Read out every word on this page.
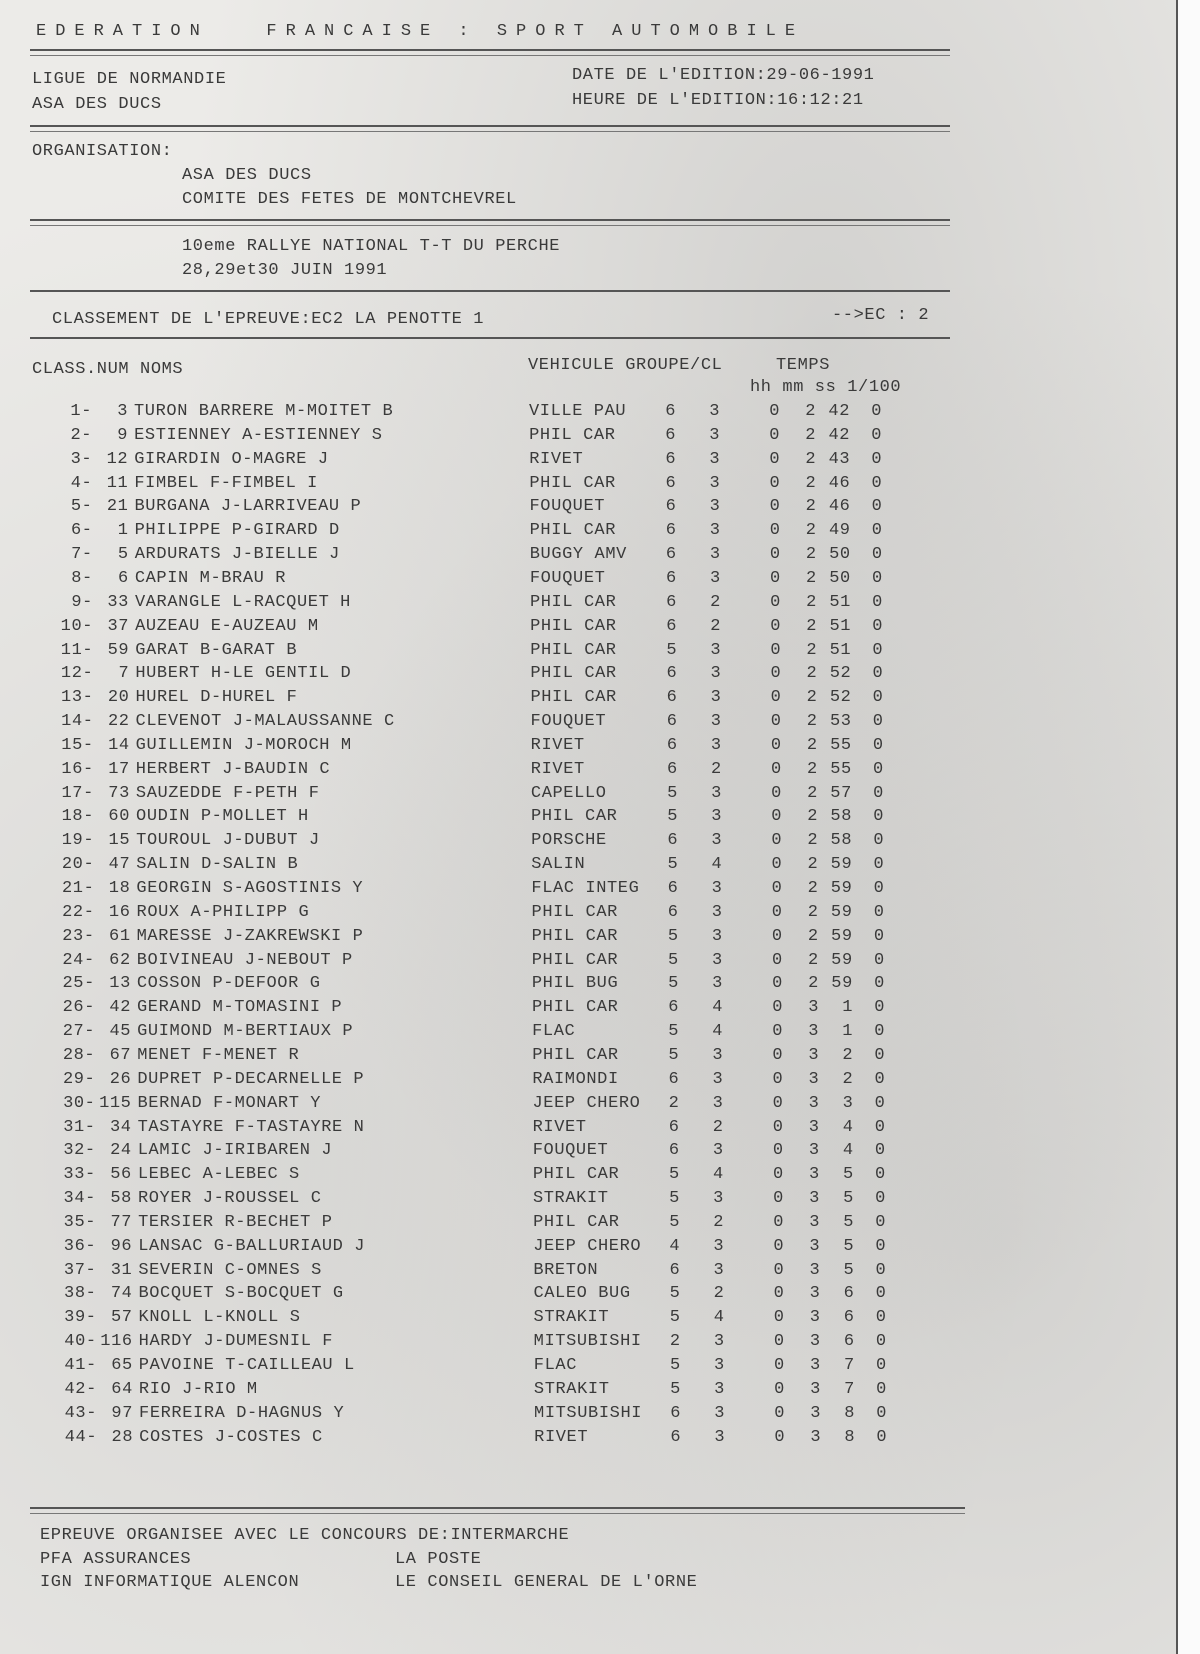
EDERATION   FRANCAISE : SPORT AUTOMOBILE
LIGUE DE NORMANDIE
ASA DES DUCS
DATE DE L'EDITION:29-06-1991
HEURE DE L'EDITION:16:12:21
ORGANISATION:
ASA DES DUCS
COMITE DES FETES DE MONTCHEVREL
10eme RALLYE NATIONAL T-T DU PERCHE
28,29et30 JUIN 1991
CLASSEMENT DE L'EPREUVE:EC2 LA PENOTTE 1	-->EC : 2
CLASS.NUM NOMS	VEHICULE GROUPE/CL	TEMPS
hh mm ss 1/100
1-	3 TURON BARRERE M-MOITET B	VILLE PAU	6	3	0	2 42	0
2-	9 ESTIENNEY A-ESTIENNEY S	PHIL CAR	6	3	0	2 42	0
3- 12 GIRARDIN O-MAGRE J	RIVET	6	3	0	2 43	0
4- 11 FIMBEL F-FIMBEL I	PHIL CAR	6	3	0	2 46	0
5- 21 BURGANA J-LARRIVEAU P	FOUQUET	6	3	0	2 46	0
6-	1 PHILIPPE P-GIRARD D	PHIL CAR	6	3	0	2 49	0
7-	5 ARDURATS J-BIELLE J	BUGGY AMV	6	3	0	2 50	0
8-	6 CAPIN M-BRAU R	FOUQUET	6	3	0	2 50	0
9- 33 VARANGLE L-RACQUET H	PHIL CAR	6	2	0	2 51	0
10- 37 AUZEAU E-AUZEAU M	PHIL CAR	6	2	0	2 51	0
11- 59 GARAT B-GARAT B	PHIL CAR	5	3	0	2 51	0
12-	7 HUBERT H-LE GENTIL D	PHIL CAR	6	3	0	2 52	0
13- 20 HUREL D-HUREL F	PHIL CAR	6	3	0	2 52	0
14- 22 CLEVENOT J-MALAUSSANNE C	FOUQUET	6	3	0	2 53	0
15- 14 GUILLEMIN J-MOROCH M	RIVET	6	3	0	2 55	0
16- 17 HERBERT J-BAUDIN C	RIVET	6	2	0	2 55	0
17- 73 SAUZEDDE F-PETH F	CAPELLO	5	3	0	2 57	0
18- 60 OUDIN P-MOLLET H	PHIL CAR	5	3	0	2 58	0
19- 15 TOUROUL J-DUBUT J	PORSCHE	6	3	0	2 58	0
20- 47 SALIN D-SALIN B	SALIN	5	4	0	2 59	0
21- 18 GEORGIN S-AGOSTINIS Y	FLAC INTEG	6	3	0	2 59	0
22- 16 ROUX A-PHILIPP G	PHIL CAR	6	3	0	2 59	0
23- 61 MARESSE J-ZAKREWSKI P	PHIL CAR	5	3	0	2 59	0
24- 62 BOIVINEAU J-NEBOUT P	PHIL CAR	5	3	0	2 59	0
25- 13 COSSON P-DEFOOR G	PHIL BUG	5	3	0	2 59	0
26- 42 GERAND M-TOMASINI P	PHIL CAR	6	4	0	3	1	0
27- 45 GUIMOND M-BERTIAUX P	FLAC	5	4	0	3	1	0
28- 67 MENET F-MENET R	PHIL CAR	5	3	0	3	2	0
29- 26 DUPRET P-DECARNELLE P	RAIMONDI	6	3	0	3	2	0
30- 115 BERNAD F-MONART Y	JEEP CHERO	2	3	0	3	3	0
31- 34 TASTAYRE F-TASTAYRE N	RIVET	6	2	0	3	4	0
32- 24 LAMIC J-IRIBAREN J	FOUQUET	6	3	0	3	4	0
33- 56 LEBEC A-LEBEC S	PHIL CAR	5	4	0	3	5	0
34- 58 ROYER J-ROUSSEL C	STRAKIT	5	3	0	3	5	0
35- 77 TERSIER R-BECHET P	PHIL CAR	5	2	0	3	5	0
36- 96 LANSAC G-BALLURIAUD J	JEEP CHERO	4	3	0	3	5	0
37- 31 SEVERIN C-OMNES S	BRETON	6	3	0	3	5	0
38- 74 BOCQUET S-BOCQUET G	CALEO BUG	5	2	0	3	6	0
39- 57 KNOLL L-KNOLL S	STRAKIT	5	4	0	3	6	0
40- 116 HARDY J-DUMESNIL F	MITSUBISHI	2	3	0	3	6	0
41- 65 PAVOINE T-CAILLEAU L	FLAC	5	3	0	3	7	0
42- 64 RIO J-RIO M	STRAKIT	5	3	0	3	7	0
43- 97 FERREIRA D-HAGNUS Y	MITSUBISHI	6	3	0	3	8	0
44- 28 COSTES J-COSTES C	RIVET	6	3	0	3	8	0
EPREUVE ORGANISEE AVEC LE CONCOURS DE:INTERMARCHE
PFA ASSURANCES	LA POSTE
IGN INFORMATIQUE ALENCON	LE CONSEIL GENERAL DE L'ORNE
